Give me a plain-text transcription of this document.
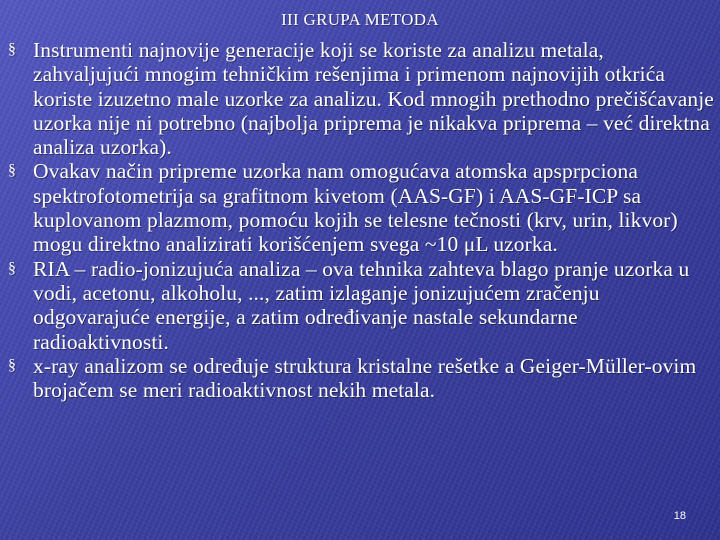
III GRUPA METODA
§ Instrumenti najnovije generacije koji se koriste za analizu metala, zahvaljujući mnogim tehničkim rešenjima i primenom najnovijih otkrića koriste izuzetno male uzorke za analizu. Kod mnogih prethodno prečišćavanje uzorka nije ni potrebno (najbolja priprema je nikakva priprema – već direktna analiza uzorka).
§ Ovakav način pripreme uzorka nam omogućava atomska apsprpciona spektrofotometrija sa grafitnom kivetom (AAS-GF) i AAS-GF-ICP sa kuplovanom plazmom, pomoću kojih se telesne tečnosti (krv, urin, likvor) mogu direktno analizirati korišćenjem svega ~10 μL uzorka.
§ RIA – radio-jonizujuća analiza – ova tehnika zahteva blago pranje uzorka u vodi, acetonu, alkoholu, ..., zatim izlaganje jonizujućem zračenju odgovarajuće energije, a zatim određivanje nastale sekundarne radioaktivnosti.
§ x-ray analizom se određuje struktura kristalne rešetke a Geiger-Müller-ovim brojačem se meri radioaktivnost nekih metala.
18
